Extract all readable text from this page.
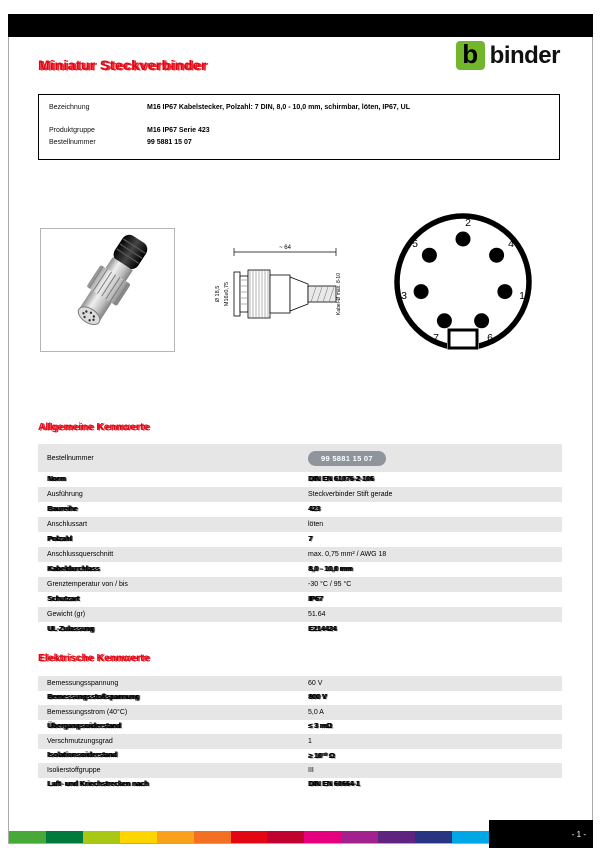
b binder
Miniatur Steckverbinder
Bezeichnung	M16 IP67 Kabelstecker, Polzahl: 7 DIN, 8,0 - 10,0 mm, schirmbar, löten, IP67, UL
Produktgruppe	M16 IP67 Serie 423
Bestellnummer	99 5881 15 07
~ 64
Ø 18,5 M16x0,75	Kabel-Ø max. 8-10
2
4
1
6
7
3
5
Allgemeine Kennwerte
Bestellnummer	99 5881 15 07
Norm	DIN EN 61076-2-106
Ausführung	Steckverbinder Stift gerade
Baureihe	423
Anschlussart	löten
Polzahl	7
Anschlussquerschnitt	max. 0,75 mm² / AWG 18
Kabeldurchlass	8,0 - 10,0 mm
Grenztemperatur von / bis	-30 °C / 95 °C
Schutzart	IP67
Gewicht (gr)	51.64
UL-Zulassung	E214424
Elektrische Kennwerte
Bemessungsspannung	60 V
Bemessungsstoßspannung	800 V
Bemessungsstrom (40°C)	5,0 A
Übergangswiderstand	≤ 3 mΩ
Verschmutzungsgrad	1
Isolationswiderstand	≥ 10¹⁰ Ω
Isolierstoffgruppe	III
Luft- und Kriechstrecken nach	DIN EN 60664-1
- 1 -
